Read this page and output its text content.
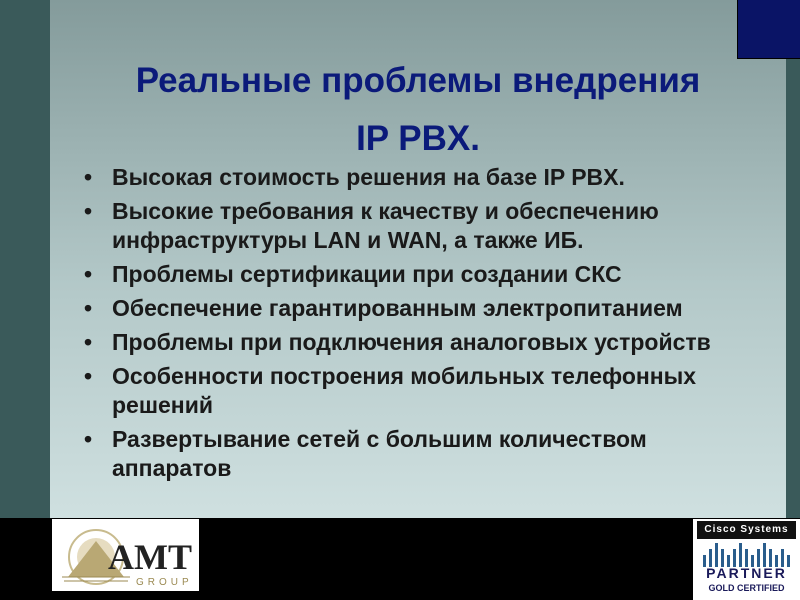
Реальные проблемы внедрения
IP PBX.
• Высокая стоимость решения на базе IP PBX.
• Высокие требования к качеству и обеспечению инфраструктуры LAN и WAN, а также ИБ.
• Проблемы сертификации при создании СКС
• Обеспечение гарантированным электропитанием
• Проблемы при подключения аналоговых устройств
• Особенности построения мобильных телефонных решений
• Развертывание сетей с большим количеством аппаратов
AMT
GROUP
Cisco Systems
PARTNER
GOLD CERTIFIED
